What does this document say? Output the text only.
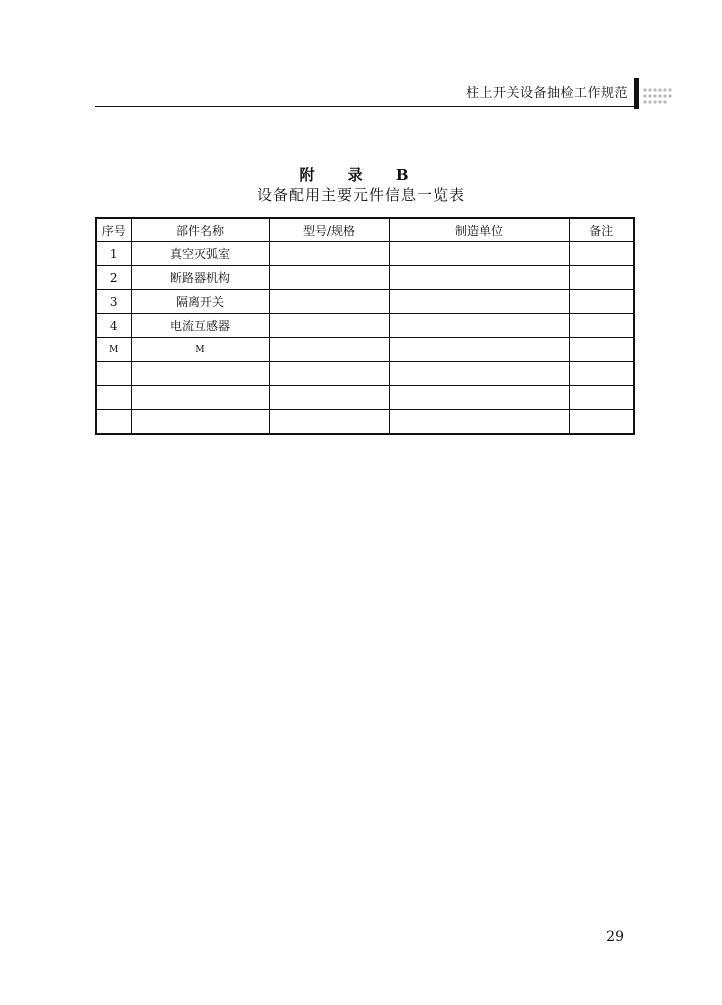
柱上开关设备抽检工作规范
附 录 B
设备配用主要元件信息一览表
序号	部件名称	型号/规格	制造单位	备注
1	真空灭弧室			
2	断路器机构			
3	隔离开关			
4	电流互感器			
M	M			

29
